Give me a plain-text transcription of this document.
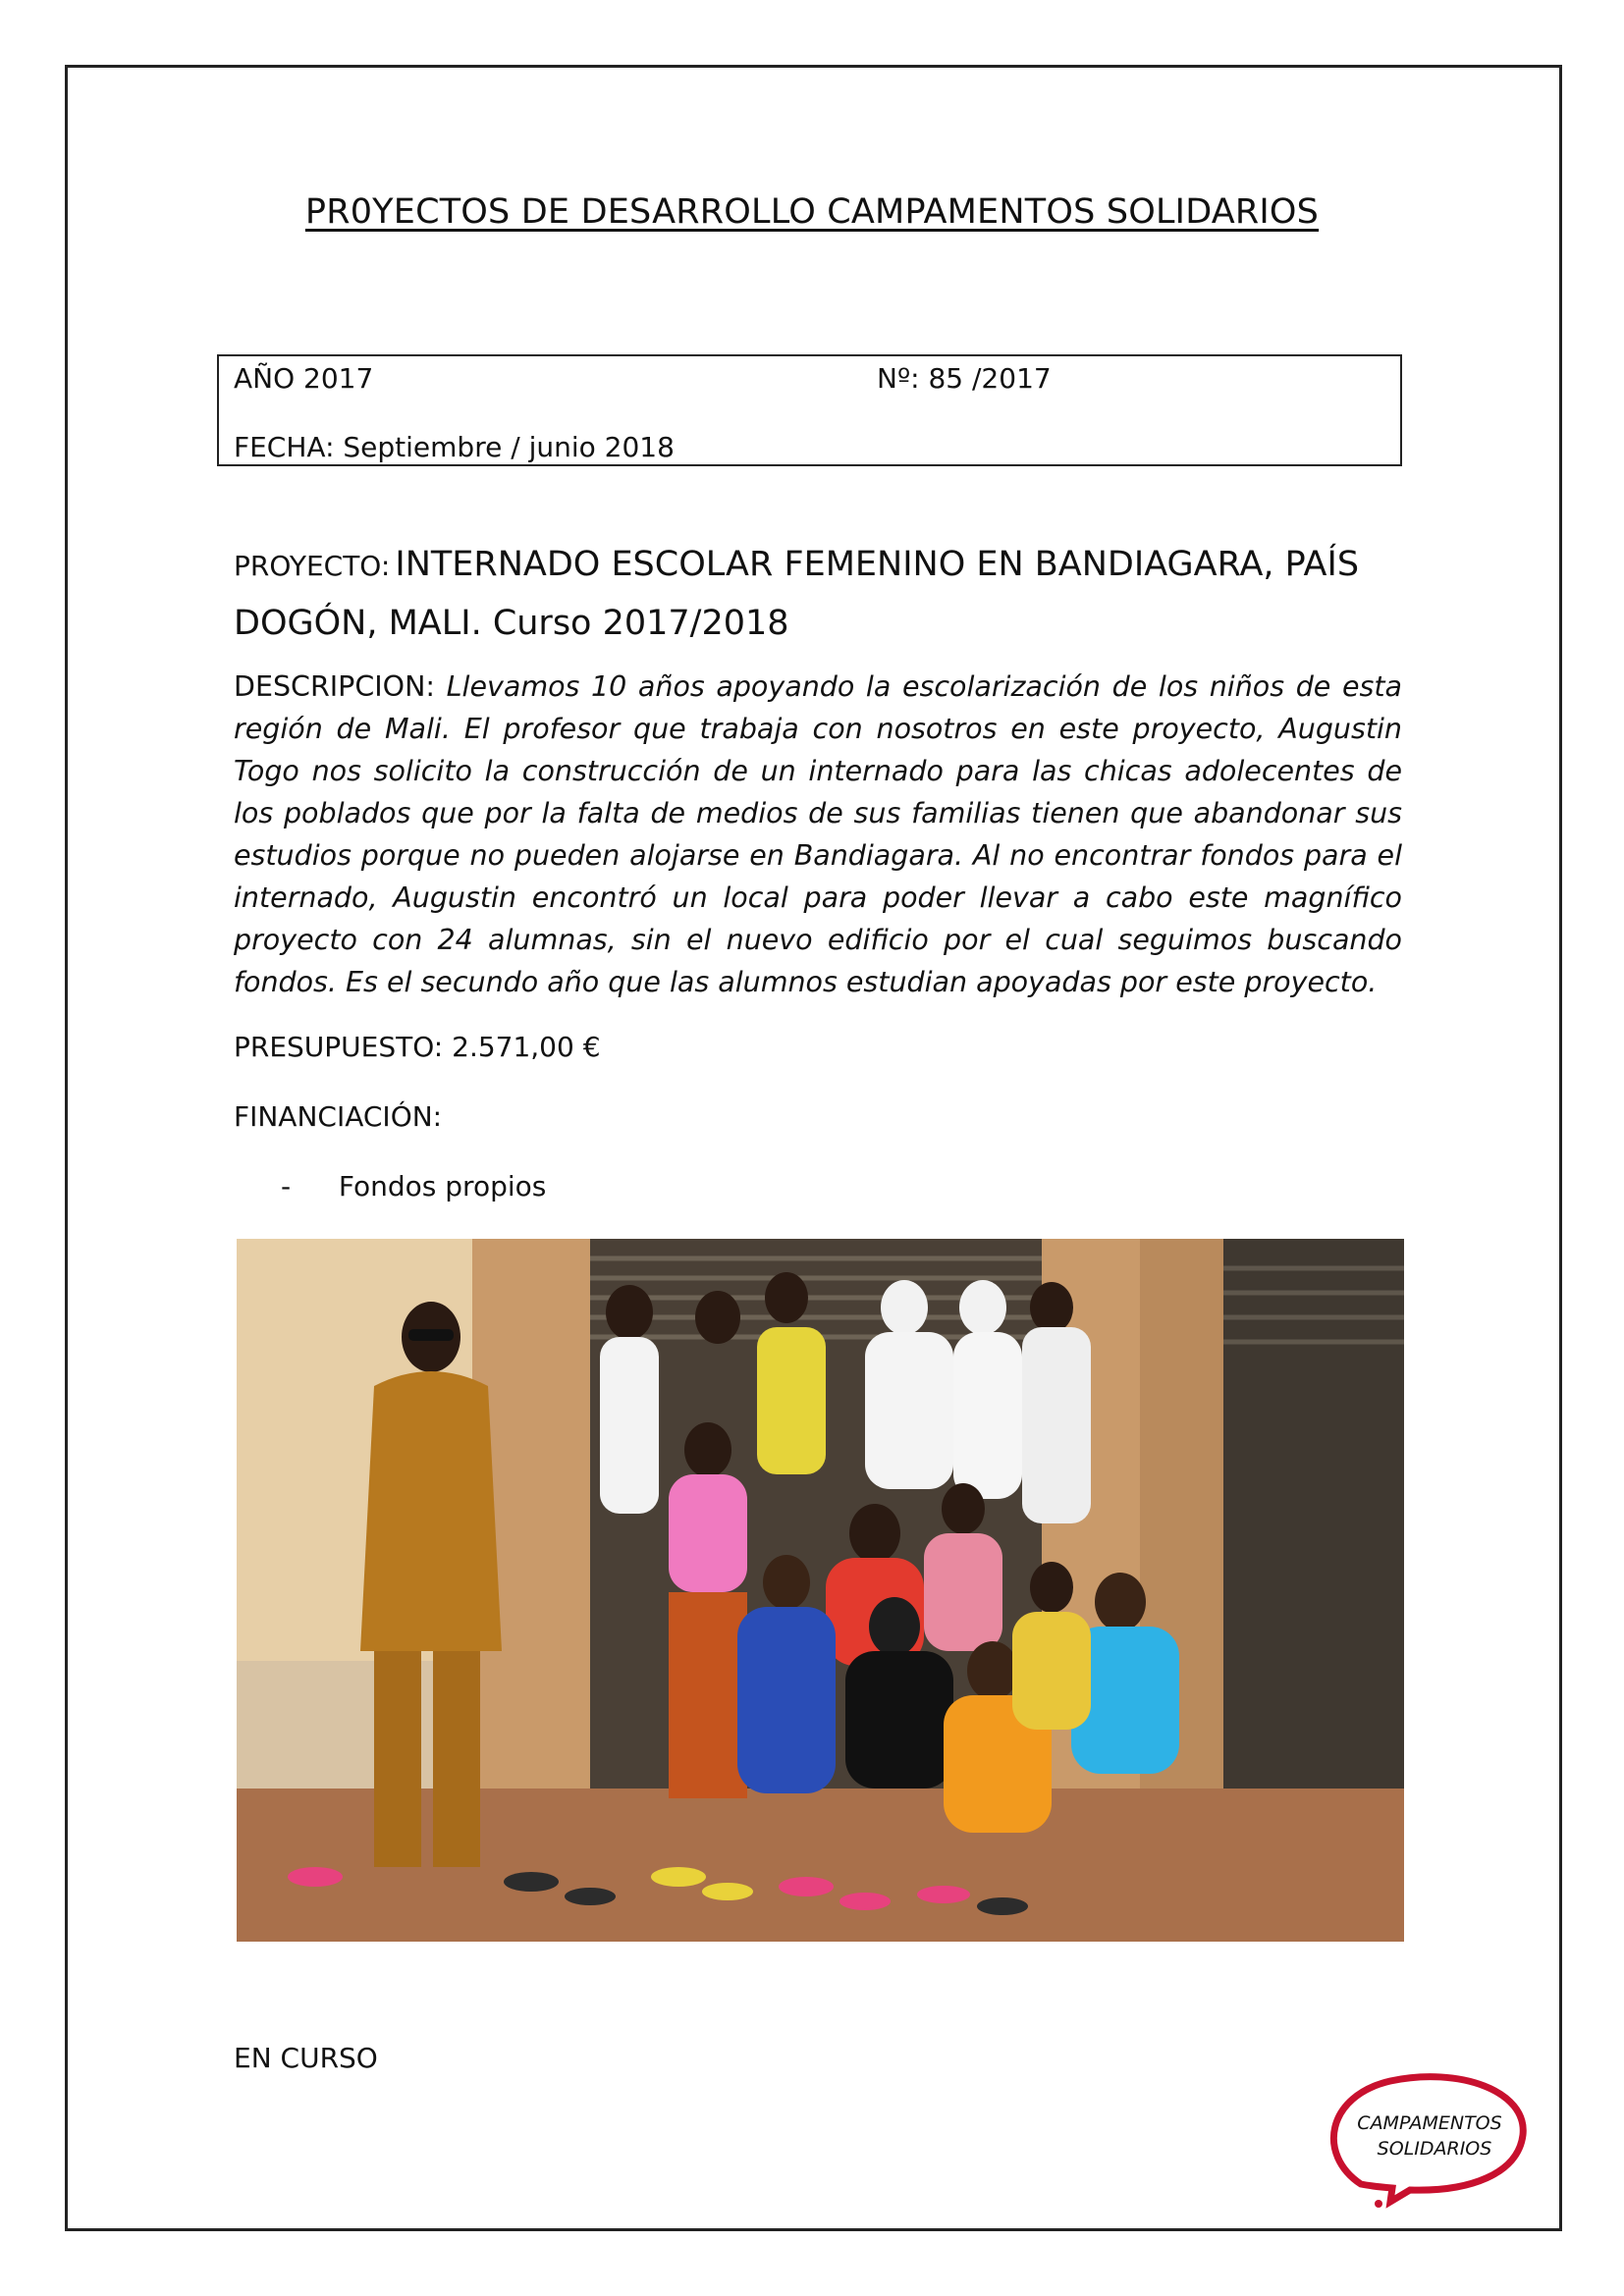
PR0YECTOS DE DESARROLLO CAMPAMENTOS SOLIDARIOS
AÑO 2017	Nº: 85 /2017
FECHA: Septiembre / junio 2018
PROYECTO: INTERNADO ESCOLAR FEMENINO EN BANDIAGARA, PAÍS DOGÓN, MALI. Curso 2017/2018
DESCRIPCION: Llevamos 10 años apoyando la escolarización de los niños de esta región de Mali. El profesor que trabaja con nosotros en este proyecto, Augustin Togo nos solicito la construcción de un internado para las chicas adolecentes de los poblados que por la falta de medios de sus familias tienen que abandonar sus estudios porque no pueden alojarse en Bandiagara. Al no encontrar fondos para el internado, Augustin encontró un local para poder llevar a cabo este magnífico proyecto con 24 alumnas, sin el nuevo edificio por el cual seguimos buscando fondos. Es el secundo año que las alumnos estudian apoyadas por este proyecto.
PRESUPUESTO: 2.571,00 €
FINANCIACIÓN:
- Fondos propios
EN CURSO
CAMPAMENTOS
SOLIDARIOS
